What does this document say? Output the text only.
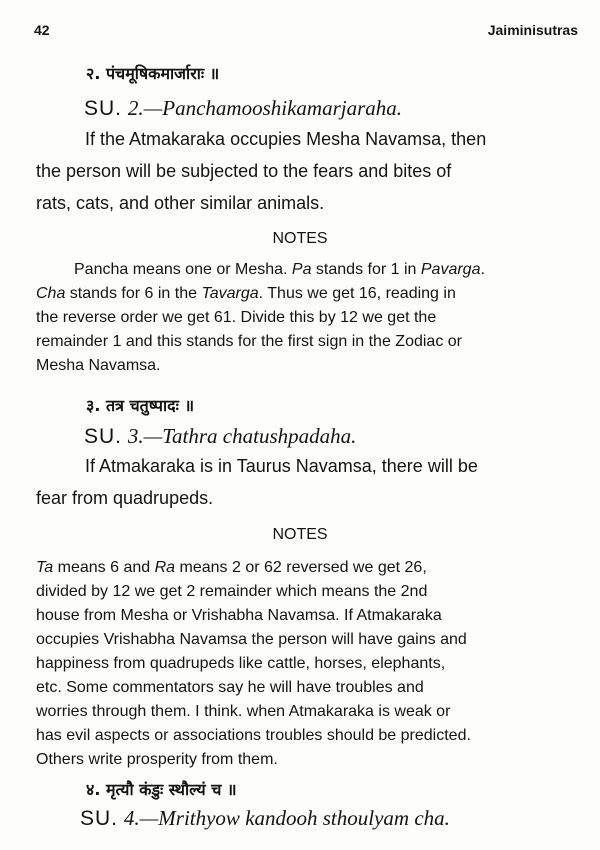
42	Jaiminisutras
२. पंचमूषिकमार्जाराः ॥
SU. 2.—Panchamooshikamarjaraha.
If the Atmakaraka occupies Mesha Navamsa, then
the person will be subjected to the fears and bites of
rats, cats, and other similar animals.
NOTES
Pancha means one or Mesha. Pa stands for 1 in Pavarga.
Cha stands for 6 in the Tavarga. Thus we get 16, reading in
the reverse order we get 61. Divide this by 12 we get the
remainder 1 and this stands for the first sign in the Zodiac or
Mesha Navamsa.
३. तत्र चतुष्पादः ॥
SU. 3.—Tathra chatushpadaha.
If Atmakaraka is in Taurus Navamsa, there will be
fear from quadrupeds.
NOTES
Ta means 6 and Ra means 2 or 62 reversed we get 26,
divided by 12 we get 2 remainder which means the 2nd
house from Mesha or Vrishabha Navamsa. If Atmakaraka
occupies Vrishabha Navamsa the person will have gains and
happiness from quadrupeds like cattle, horses, elephants,
etc. Some commentators say he will have troubles and
worries through them. I think. when Atmakaraka is weak or
has evil aspects or associations troubles should be predicted.
Others write prosperity from them.
४. मृत्यौ कंडुः स्थौल्यं च ॥
SU. 4.—Mrithyow kandooh sthoulyam cha.
